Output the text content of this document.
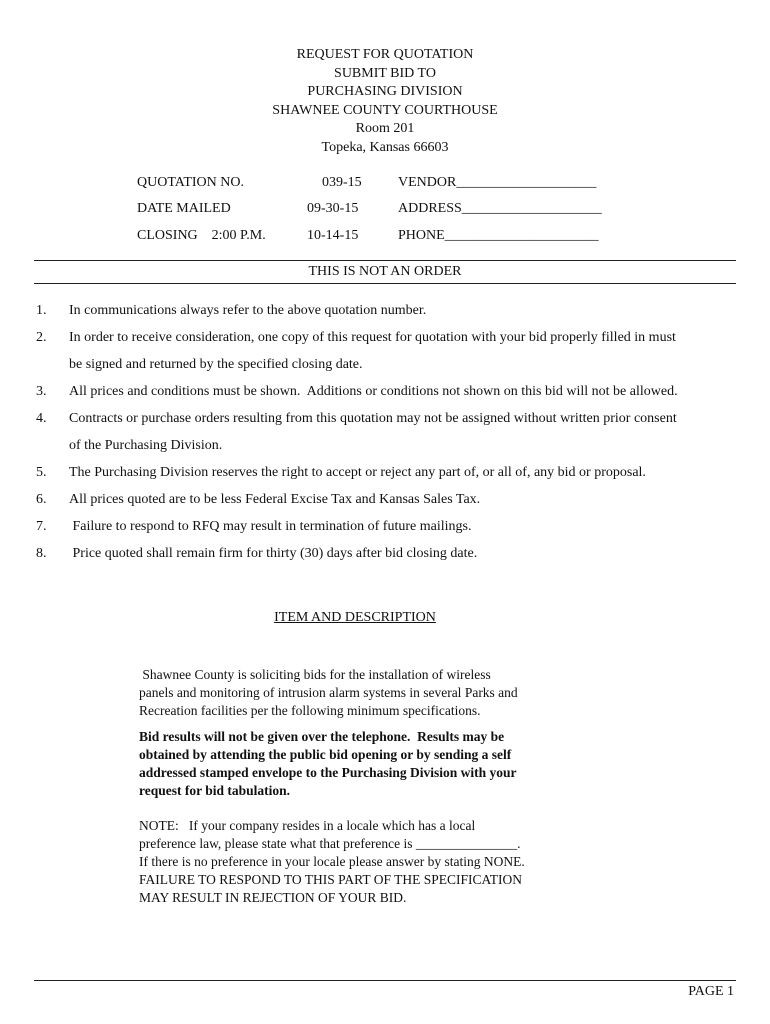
REQUEST FOR QUOTATION
SUBMIT BID TO
PURCHASING DIVISION
SHAWNEE COUNTY COURTHOUSE
Room 201
Topeka, Kansas 66603
QUOTATION NO.	039-15	VENDOR____________________
DATE MAILED	09-30-15	ADDRESS____________________
CLOSING    2:00 P.M.	10-14-15	PHONE______________________
THIS IS NOT AN ORDER
1. In communications always refer to the above quotation number.
2. In order to receive consideration, one copy of this request for quotation with your bid properly filled in must
be signed and returned by the specified closing date.
3. All prices and conditions must be shown.  Additions or conditions not shown on this bid will not be allowed.
4. Contracts or purchase orders resulting from this quotation may not be assigned without written prior consent
of the Purchasing Division.
5. The Purchasing Division reserves the right to accept or reject any part of, or all of, any bid or proposal.
6. All prices quoted are to be less Federal Excise Tax and Kansas Sales Tax.
7. Failure to respond to RFQ may result in termination of future mailings.
8. Price quoted shall remain firm for thirty (30) days after bid closing date.
ITEM AND DESCRIPTION
Shawnee County is soliciting bids for the installation of wireless
panels and monitoring of intrusion alarm systems in several Parks and
Recreation facilities per the following minimum specifications.
Bid results will not be given over the telephone.  Results may be
obtained by attending the public bid opening or by sending a self
addressed stamped envelope to the Purchasing Division with your
request for bid tabulation.
NOTE:   If your company resides in a locale which has a local
preference law, please state what that preference is _______________.
If there is no preference in your locale please answer by stating NONE.
FAILURE TO RESPOND TO THIS PART OF THE SPECIFICATION
MAY RESULT IN REJECTION OF YOUR BID.
PAGE 1
